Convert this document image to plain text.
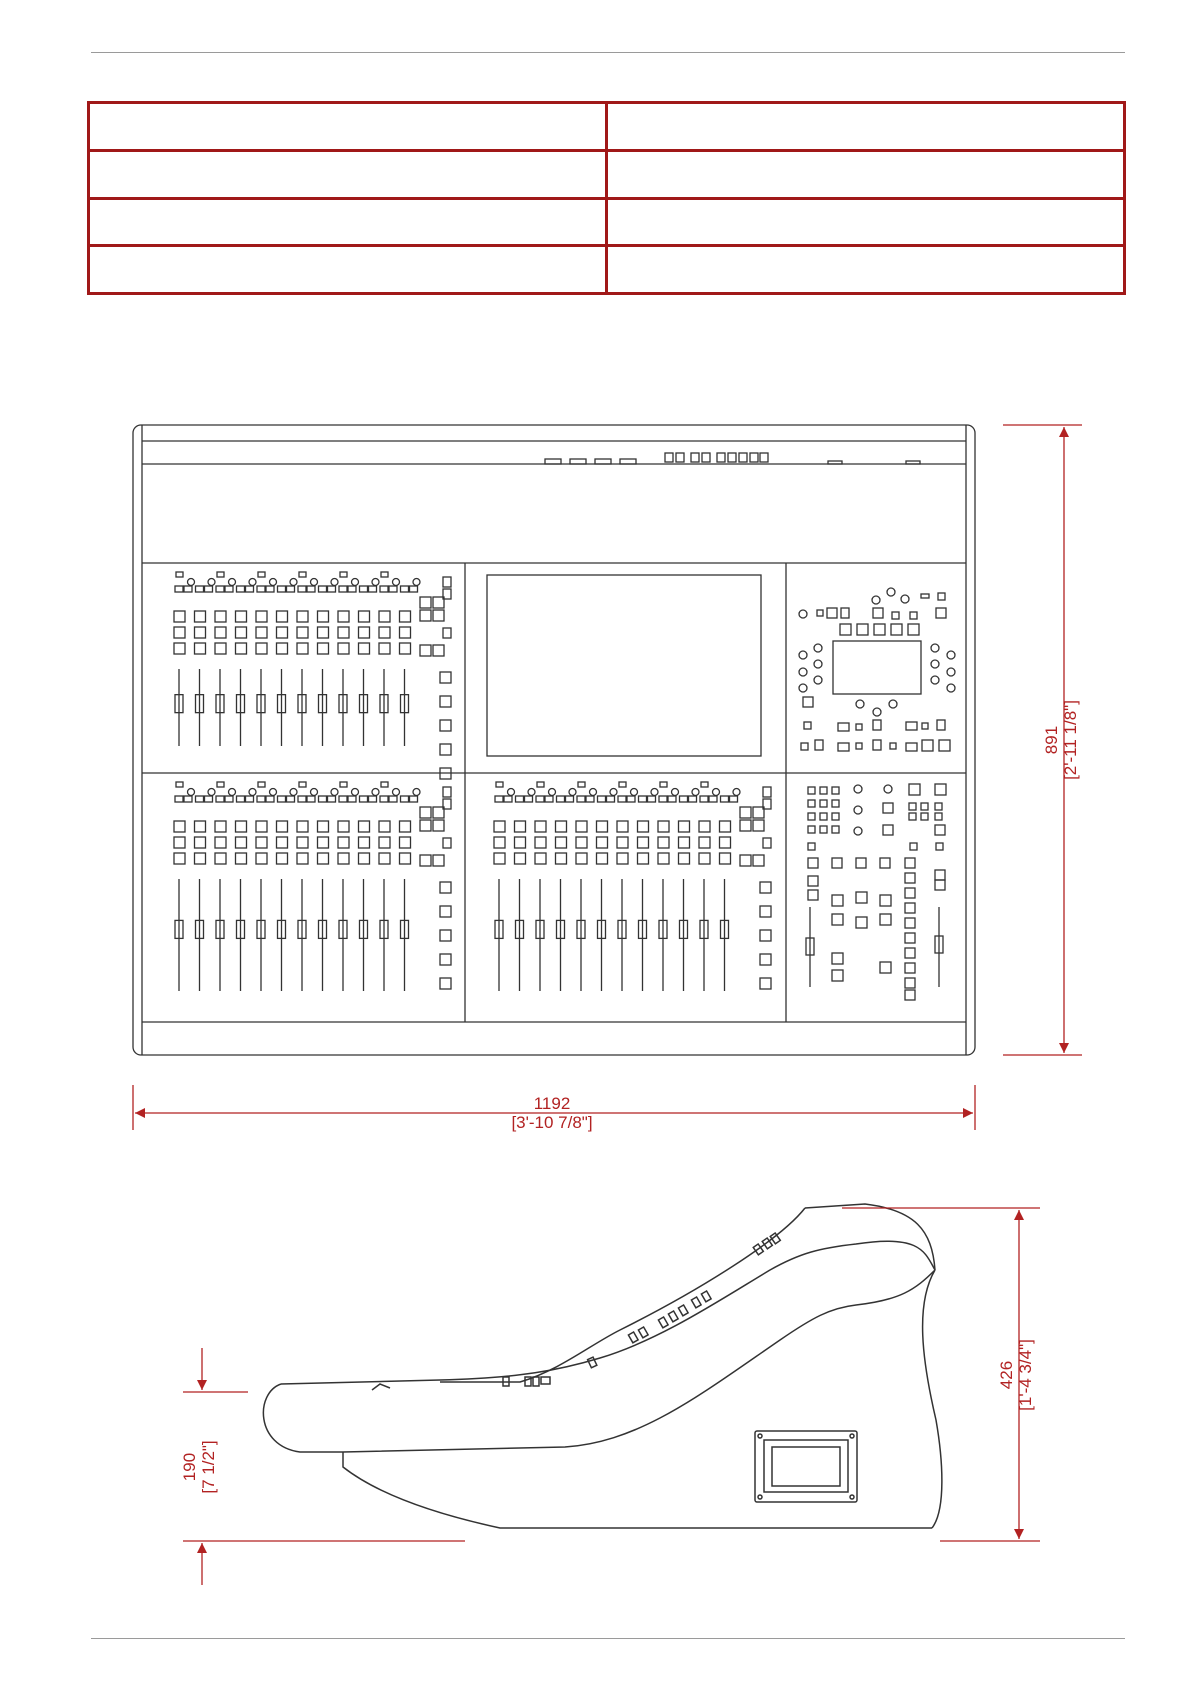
1192
[3'-10 7/8"]
891 [2'-11 1/8"]
190 [7 1/2"]
426 [1'-4 3/4"]
